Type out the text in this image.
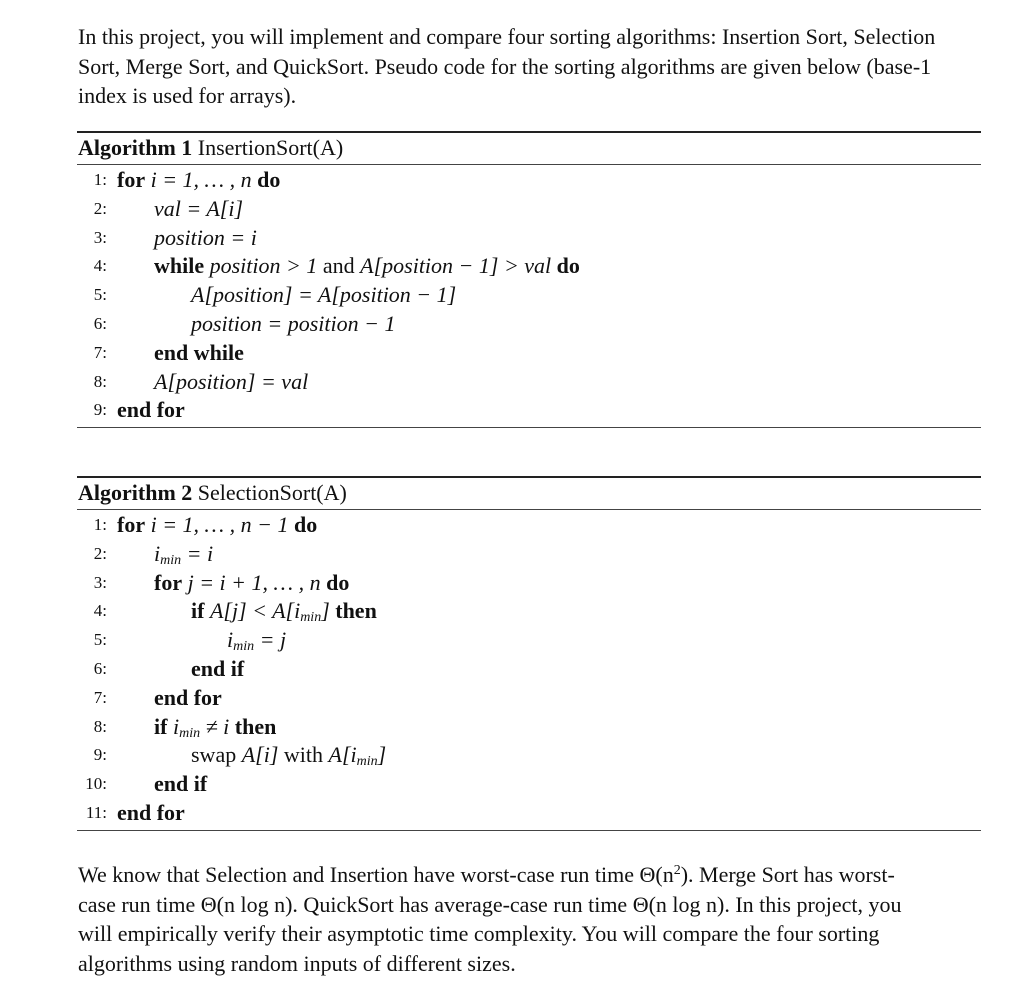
In this project, you will implement and compare four sorting algorithms: Insertion Sort, Selection
Sort, Merge Sort, and QuickSort. Pseudo code for the sorting algorithms are given below (base-1
index is used for arrays).

Algorithm 1 InsertionSort(A)
1: for i = 1, … , n do
2: val = A[i]
3: position = i
4: while position > 1 and A[position − 1] > val do
5:	A[position] = A[position − 1]
6:	position = position − 1
7: end while
8: A[position] = val
9: end for
Algorithm 2 SelectionSort(A)
1: for i = 1, … , n − 1 do
2: $i_{min} = i$
3: for j = i + 1, … , n do
4:	if $A[j] < A[i_{min}]$ then
5:	$i_{min} = j$
6:	end if
7: end for
8: if $i_{min} \ne i$ then
9:	swap A[i] with $A[i_{min}]$
10: end if
11: end for

We know that Selection and Insertion have worst-case run time $\Theta(n^2)$. Merge Sort has worst-
case run time Θ(n log n). QuickSort has average-case run time Θ(n log n). In this project, you
will empirically verify their asymptotic time complexity. You will compare the four sorting
algorithms using random inputs of different sizes.
